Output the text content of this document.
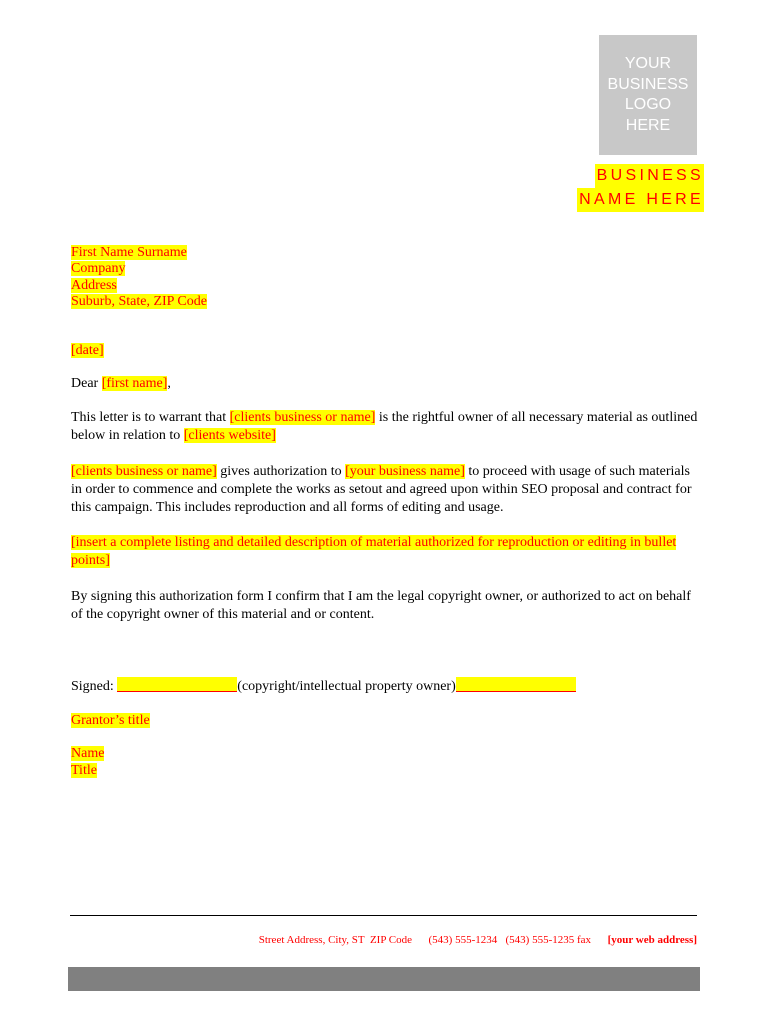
YOUR
BUSINESS
LOGO
HERE
BUSINESS
NAME HERE
First Name Surname
Company
Address
Suburb, State, ZIP Code
[date]
Dear [first name],
This letter is to warrant that [clients business or name] is the rightful owner of all necessary material as outlined below in relation to [clients website]
[clients business or name] gives authorization to [your business name] to proceed with usage of such materials in order to commence and complete the works as setout and agreed upon within SEO proposal and contract for this campaign. This includes reproduction and all forms of editing and usage.
[insert a complete listing and detailed description of material authorized for reproduction or editing in bullet points]
By signing this authorization form I confirm that I am the legal copyright owner, or authorized to act on behalf of the copyright owner of this material and or content.
Signed:	(copyright/intellectual property owner)
Grantor’s title
Name
Title
Street Address, City, ST  ZIP Code (543) 555-1234 (543) 555-1235 fax [your web address]
